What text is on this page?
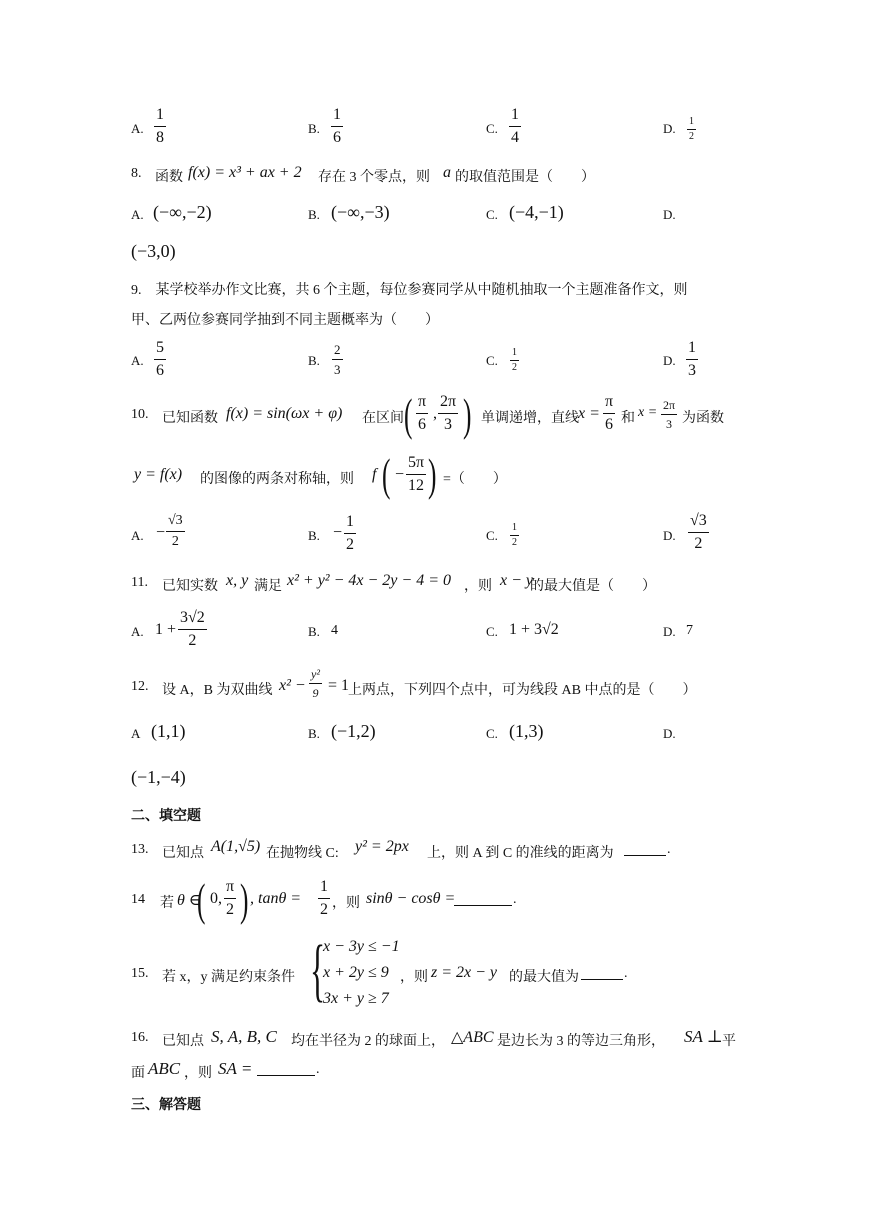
A.
1
8
B.
1
6
C.
1
4
D. 1
2
8. 函数 f(x) = x³ + ax + 2 存在 3 个零点，则 a 的取值范围是（　　）
A. (−∞,−2)	B. (−∞,−3)	C. (−4,−1)	D.
(−3,0)
9.　某学校举办作文比赛，共 6 个主题，每位参赛同学从中随机抽取一个主题准备作文，则
甲、乙两位参赛同学抽到不同主题概率为（　　）
A.
5
6
B.
2
3
C.
1
2	D.
1
3
10. 已知函数 f(x) = sin(ωx + φ) 在区间 ( π
6
,
2π
3 ) 单调递增，直线 x =
π
6 和 x = 2π
3 为函数
y = f(x) 的图像的两条对称轴，则 f ( −
5π
12 ) =（　　）
A. −
√3
2	B. −
1
2
C.
1
2	D.
√3
2
11. 已知实数 x, y 满足 x² + y² − 4x − 2y − 4 = 0 ，则 x − y
的最大值是（　　）
A. 1 +
3√2
2
B. 4	C. 1 + 3√2	D. 7
12. 设 A，B 为双曲线 x² −
y²
9 = 1
上两点，下列四个点中，可为线段 AB 中点的是（　　）
A (1,1)	B. (−1,2)	C. (1,3)	D.
(−1,−4)
二、填空题
13. 已知点 A(1,√5) 在抛物线 C: y² = 2px 上，则 A 到 C 的准线的距离为	.
14 若 θ ∈
( 0,
π
2 ) , tanθ =
1
2 ，则 sinθ − cosθ =	.
15. 若 x，y 满足约束条件 {
x − 3y ≤ −1
x + 2y ≤ 9
3x + y ≥ 7
，则 z = 2x − y 的最大值为	.
16. 已知点 S, A, B, C 均在半径为 2 的球面上， △ABC 是边长为 3 的等边三角形， SA ⊥ 平
面 ABC ，则 SA =	.
三、解答题
